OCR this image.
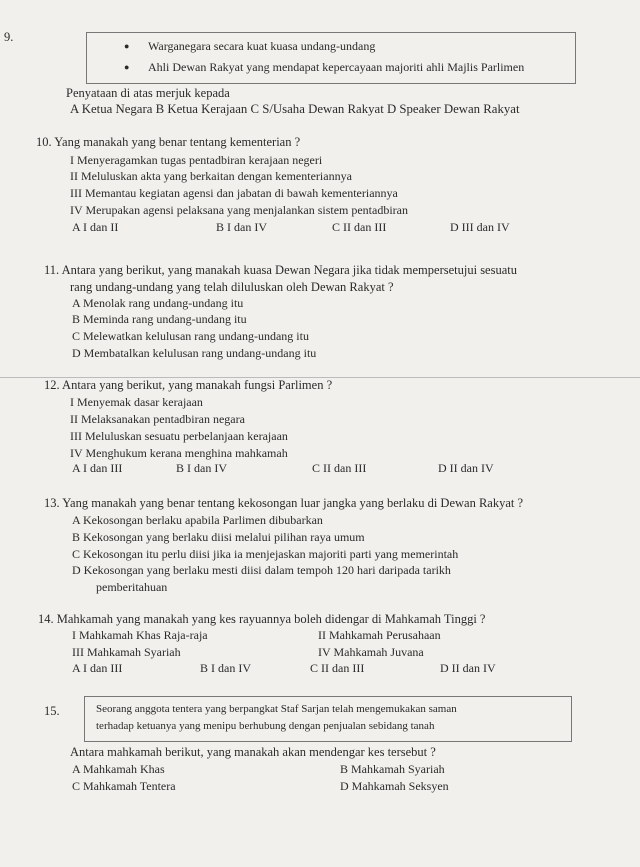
9.
● Warganegara secara kuat kuasa undang-undang
● Ahli Dewan Rakyat yang mendapat kepercayaan majoriti ahli Majlis Parlimen
Penyataan di atas merjuk kepada
A Ketua Negara B Ketua Kerajaan C S/Usaha Dewan Rakyat D Speaker Dewan Rakyat
10. Yang manakah yang benar tentang kementerian ?
I Menyeragamkan tugas pentadbiran kerajaan negeri
II Meluluskan akta yang berkaitan dengan kementeriannya
III Memantau kegiatan agensi dan jabatan di bawah kementeriannya
IV Merupakan agensi pelaksana yang menjalankan sistem pentadbiran
A I dan II	B I dan IV	C II dan III	D III dan IV
11. Antara yang berikut, yang manakah kuasa Dewan Negara jika tidak mempersetujui sesuatu
rang undang-undang yang telah diluluskan oleh Dewan Rakyat ?
A Menolak rang undang-undang itu
B Meminda rang undang-undang itu
C Melewatkan kelulusan rang undang-undang itu
D Membatalkan kelulusan rang undang-undang itu
12. Antara yang berikut, yang manakah fungsi Parlimen ?
I Menyemak dasar kerajaan
II Melaksanakan pentadbiran negara
III Meluluskan sesuatu perbelanjaan kerajaan
IV Menghukum kerana menghina mahkamah
A I dan III	B I dan IV	C II dan III	D II dan IV
13. Yang manakah yang benar tentang kekosongan luar jangka yang berlaku di Dewan Rakyat ?
A Kekosongan berlaku apabila Parlimen dibubarkan
B Kekosongan yang berlaku diisi melalui pilihan raya umum
C Kekosongan itu perlu diisi jika ia menjejaskan majoriti parti yang memerintah
D Kekosongan yang berlaku mesti diisi dalam tempoh 120 hari daripada tarikh
pemberitahuan
14. Mahkamah yang manakah yang kes rayuannya boleh didengar di Mahkamah Tinggi ?
I Mahkamah Khas Raja-raja	II Mahkamah Perusahaan
III Mahkamah Syariah	IV Mahkamah Juvana
A I dan III	B I dan IV	C II dan III	D II dan IV
15.	Seorang anggota tentera yang berpangkat Staf Sarjan telah mengemukakan saman
terhadap ketuanya yang menipu berhubung dengan penjualan sebidang tanah
Antara mahkamah berikut, yang manakah akan mendengar kes tersebut ?
A Mahkamah Khas	B Mahkamah Syariah
C Mahkamah Tentera	D Mahkamah Seksyen
